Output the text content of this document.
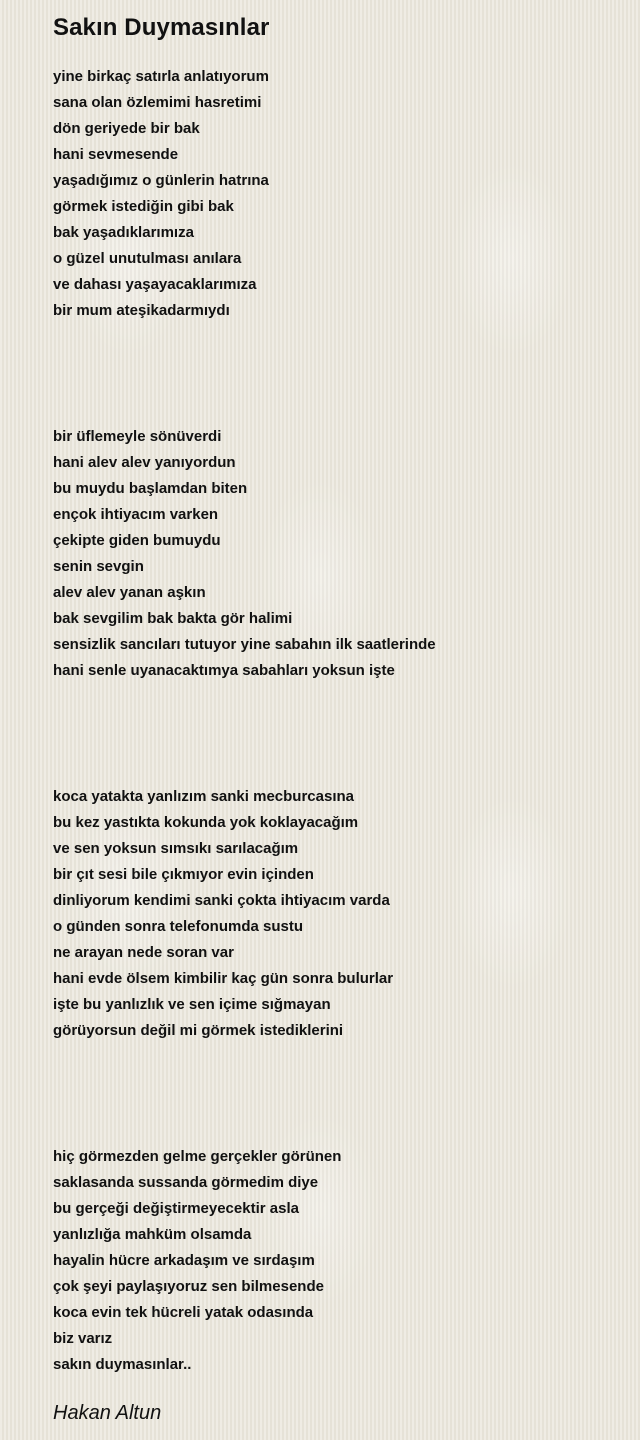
Sakın Duymasınlar
yine birkaç satırla anlatıyorum
sana olan özlemimi hasretimi
dön geriyede bir bak
hani sevmesende
yaşadığımız o günlerin hatrına
görmek istediğin gibi bak
bak yaşadıklarımıza
o güzel unutulması anılara
ve dahası yaşayacaklarımıza
bir mum ateşikadarmıydı
bir üflemeyle sönüverdi
hani alev alev yanıyordun
bu muydu başlamdan biten
ençok ihtiyacım varken
çekipte giden bumuydu
senin sevgin
alev alev yanan aşkın
bak sevgilim bak bakta gör halimi
sensizlik sancıları tutuyor yine sabahın ilk saatlerinde
hani senle uyanacaktımya sabahları yoksun işte
koca yatakta yanlızım sanki mecburcasına
bu kez yastıkta kokunda yok koklayacağım
ve sen yoksun sımsıkı sarılacağım
bir çıt sesi bile çıkmıyor evin içinden
dinliyorum kendimi sanki çokta ihtiyacım varda
o günden sonra telefonumda sustu
ne arayan nede soran var
hani evde ölsem kimbilir kaç gün sonra bulurlar
işte bu yanlızlık ve sen içime sığmayan
görüyorsun değil mi görmek istediklerini
hiç görmezden gelme gerçekler görünen
saklasanda sussanda görmedim diye
bu gerçeği değiştirmeyecektir asla
yanlızlığa mahküm olsamda
hayalin hücre arkadaşım ve sırdaşım
çok şeyi paylaşıyoruz sen bilmesende
koca evin tek hücreli yatak odasında
biz varız
sakın duymasınlar..
Hakan Altun
